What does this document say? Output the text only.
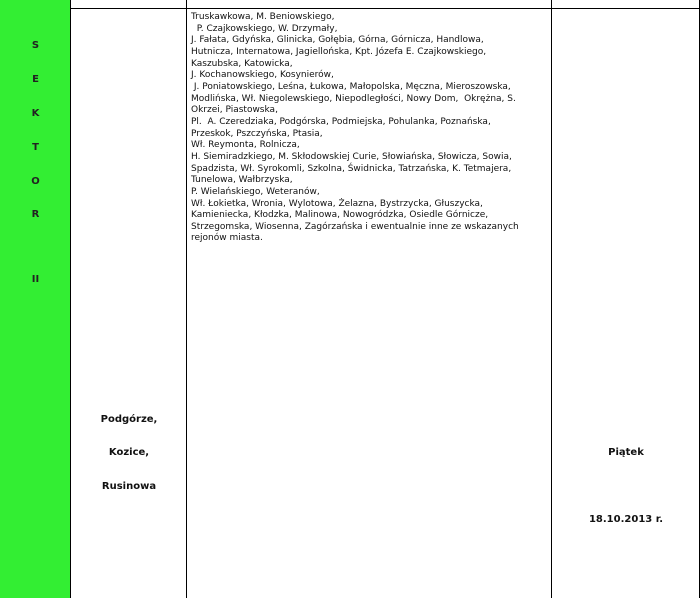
S
E
K
T
O
R
II
Podgórze,
Kozice,
Rusinowa
Truskawkowa, M. Beniowskiego,
P. Czajkowskiego, W. Drzymały,
J. Fałata, Gdyńska, Glinicka, Gołębia, Górna, Górnicza, Handlowa,
Hutnicza, Internatowa, Jagiellońska, Kpt. Józefa E. Czajkowskiego,
Kaszubska, Katowicka,
J. Kochanowskiego, Kosynierów,
J. Poniatowskiego, Leśna, Łukowa, Małopolska, Męczna, Mieroszowska,
Modlińska, Wł. Niegolewskiego, Niepodległości, Nowy Dom,  Okrężna, S.
Okrzei, Piastowska,
Pl.  A. Czeredziaka, Podgórska, Podmiejska, Pohulanka, Poznańska,
Przeskok, Pszczyńska, Ptasia,
Wł. Reymonta, Rolnicza,
H. Siemiradzkiego, M. Skłodowskiej Curie, Słowiańska, Słowicza, Sowia,
Spadzista, Wł. Syrokomli, Szkolna, Świdnicka, Tatrzańska, K. Tetmajera,
Tunelowa, Wałbrzyska,
P. Wielańskiego, Weteranów,
Wł. Łokietka, Wronia, Wylotowa, Żelazna, Bystrzycka, Głuszycka,
Kamieniecka, Kłodzka, Malinowa, Nowogródzka, Osiedle Górnicze,
Strzegomska, Wiosenna, Zagórzańska i ewentualnie inne ze wskazanych
rejonów miasta.
Piątek
18.10.2013 r.
